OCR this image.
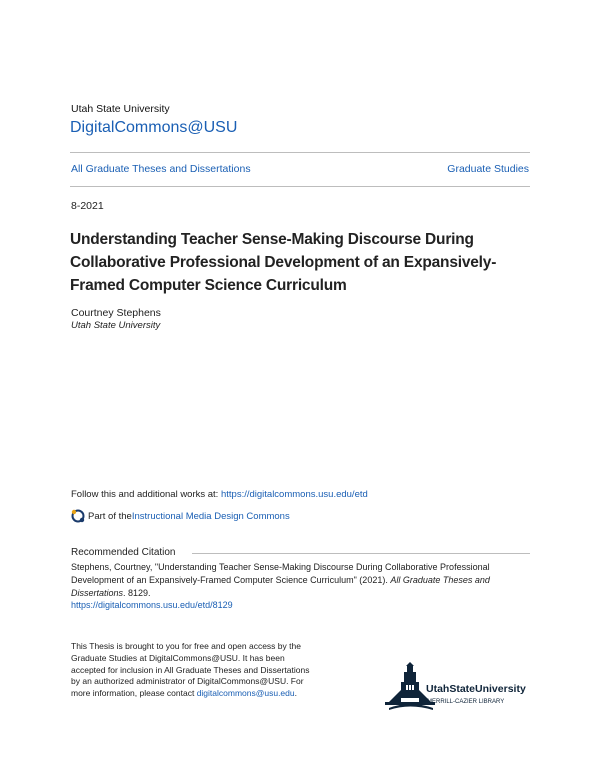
Utah State University
DigitalCommons@USU
All Graduate Theses and Dissertations	Graduate Studies
8-2021
Understanding Teacher Sense-Making Discourse During Collaborative Professional Development of an Expansively-Framed Computer Science Curriculum
Courtney Stephens
Utah State University
Follow this and additional works at: https://digitalcommons.usu.edu/etd
Part of the Instructional Media Design Commons
Recommended Citation
Stephens, Courtney, "Understanding Teacher Sense-Making Discourse During Collaborative Professional Development of an Expansively-Framed Computer Science Curriculum" (2021). All Graduate Theses and Dissertations. 8129.
https://digitalcommons.usu.edu/etd/8129
This Thesis is brought to you for free and open access by the Graduate Studies at DigitalCommons@USU. It has been accepted for inclusion in All Graduate Theses and Dissertations by an authorized administrator of DigitalCommons@USU. For more information, please contact digitalcommons@usu.edu.	UtahStateUniversity
MERRILL-CAZIER LIBRARY
